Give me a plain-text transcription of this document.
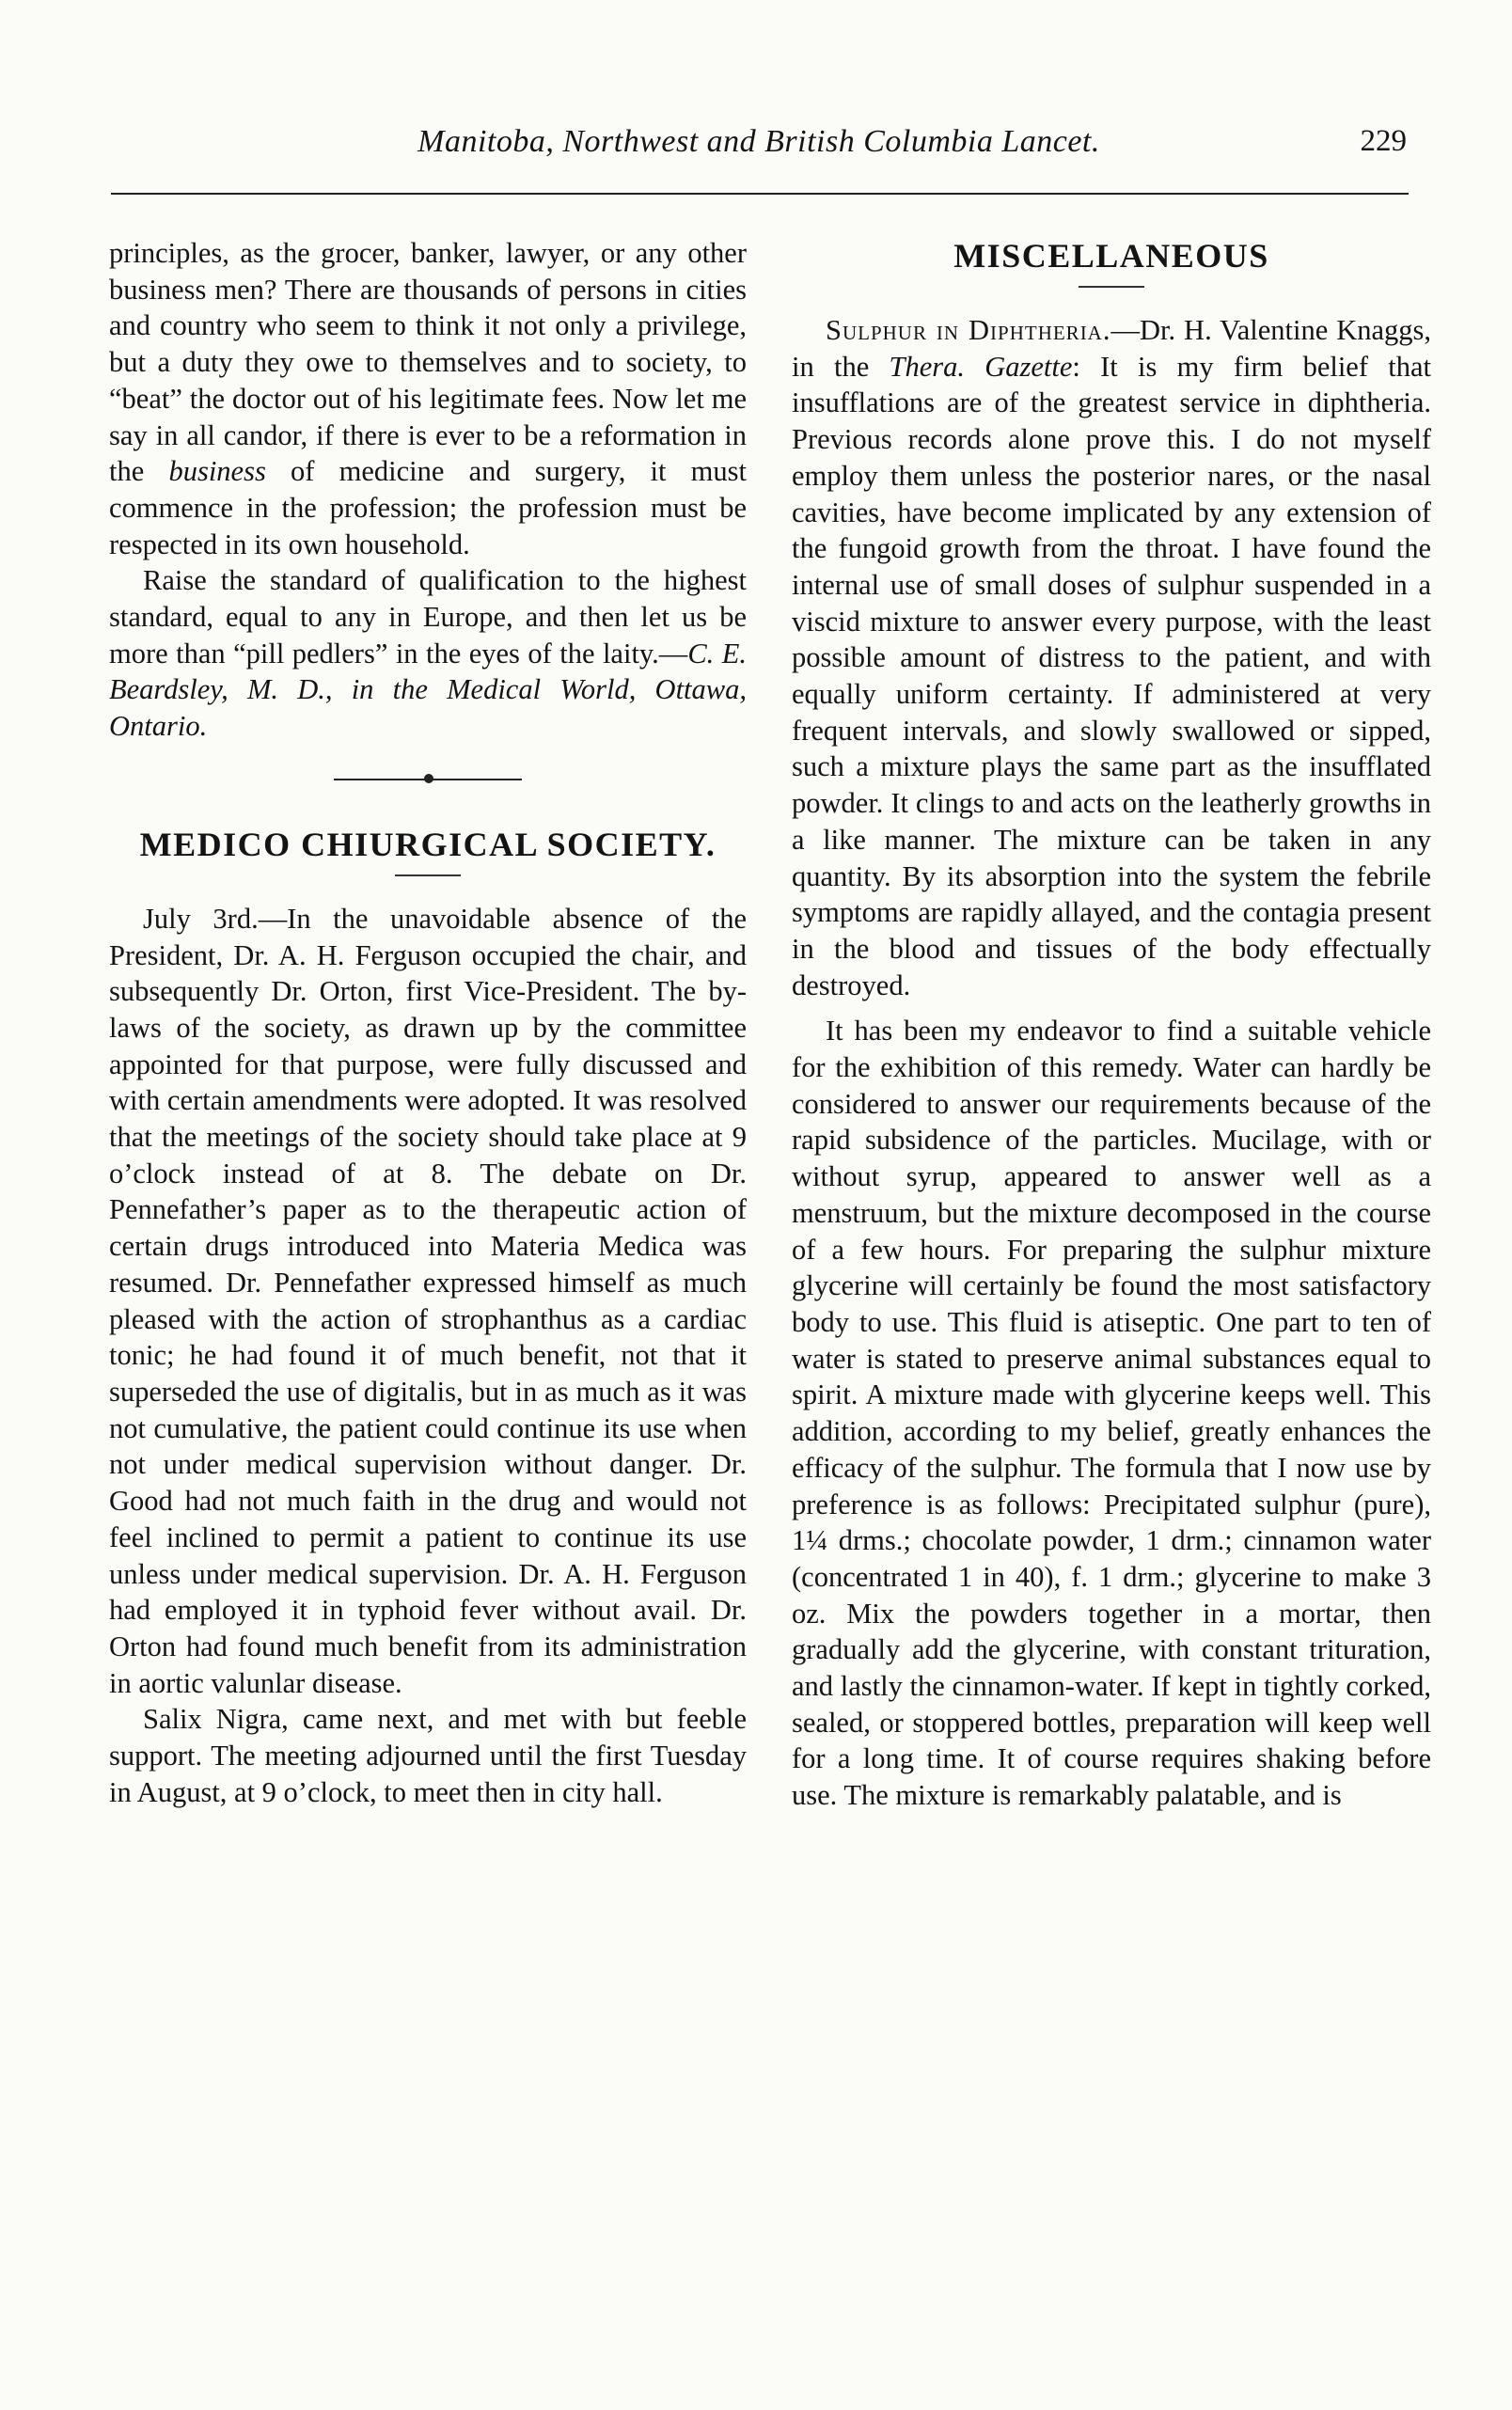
Manitoba, Northwest and British Columbia Lancet.	229

principles, as the grocer, banker, lawyer, or any other business men? There are thousands of persons in cities and country who seem to think it not only a privilege, but a duty they owe to themselves and to society, to “beat” the doctor out of his legitimate fees. Now let me say in all candor, if there is ever to be a reformation in the business of medicine and surgery, it must commence in the profession; the profession must be respected in its own household.

Raise the standard of qualification to the highest standard, equal to any in Europe, and then let us be more than “pill pedlers” in the eyes of the laity.—C. E. Beardsley, M. D., in the Medical World, Ottawa, Ontario.

MEDICO CHIURGICAL SOCIETY.

July 3rd.—In the unavoidable absence of the President, Dr. A. H. Ferguson occupied the chair, and subsequently Dr. Orton, first Vice-President. The by-laws of the society, as drawn up by the committee appointed for that purpose, were fully discussed and with certain amendments were adopted. It was resolved that the meetings of the society should take place at 9 o’clock instead of at 8. The debate on Dr. Pennefather’s paper as to the therapeutic action of certain drugs introduced into Materia Medica was resumed. Dr. Pennefather expressed himself as much pleased with the action of strophanthus as a cardiac tonic; he had found it of much benefit, not that it superseded the use of digitalis, but in as much as it was not cumulative, the patient could continue its use when not under medical supervision without danger. Dr. Good had not much faith in the drug and would not feel inclined to permit a patient to continue its use unless under medical supervision. Dr. A. H. Ferguson had employed it in typhoid fever without avail. Dr. Orton had found much benefit from its administration in aortic valunlar disease.

Salix Nigra, came next, and met with but feeble support. The meeting adjourned until the first Tuesday in August, at 9 o’clock, to meet then in city hall.

MISCELLANEOUS

Sulphur in Diphtheria.—Dr. H. Valentine Knaggs, in the Thera. Gazette: It is my firm belief that insufflations are of the greatest service in diphtheria. Previous records alone prove this. I do not myself employ them unless the posterior nares, or the nasal cavities, have become implicated by any extension of the fungoid growth from the throat. I have found the internal use of small doses of sulphur suspended in a viscid mixture to answer every purpose, with the least possible amount of distress to the patient, and with equally uniform certainty. If administered at very frequent intervals, and slowly swallowed or sipped, such a mixture plays the same part as the insufflated powder. It clings to and acts on the leatherly growths in a like manner. The mixture can be taken in any quantity. By its absorption into the system the febrile symptoms are rapidly allayed, and the contagia present in the blood and tissues of the body effectually destroyed.

It has been my endeavor to find a suitable vehicle for the exhibition of this remedy. Water can hardly be considered to answer our requirements because of the rapid subsidence of the particles. Mucilage, with or without syrup, appeared to answer well as a menstruum, but the mixture decomposed in the course of a few hours. For preparing the sulphur mixture glycerine will certainly be found the most satisfactory body to use. This fluid is atiseptic. One part to ten of water is stated to preserve animal substances equal to spirit. A mixture made with glycerine keeps well. This addition, according to my belief, greatly enhances the efficacy of the sulphur. The formula that I now use by preference is as follows: Precipitated sulphur (pure), 1¼ drms.; chocolate powder, 1 drm.; cinnamon water (concentrated 1 in 40), f. 1 drm.; glycerine to make 3 oz. Mix the powders together in a mortar, then gradually add the glycerine, with constant trituration, and lastly the cinnamon-water. If kept in tightly corked, sealed, or stoppered bottles, preparation will keep well for a long time. It of course requires shaking before use. The mixture is remarkably palatable, and is
